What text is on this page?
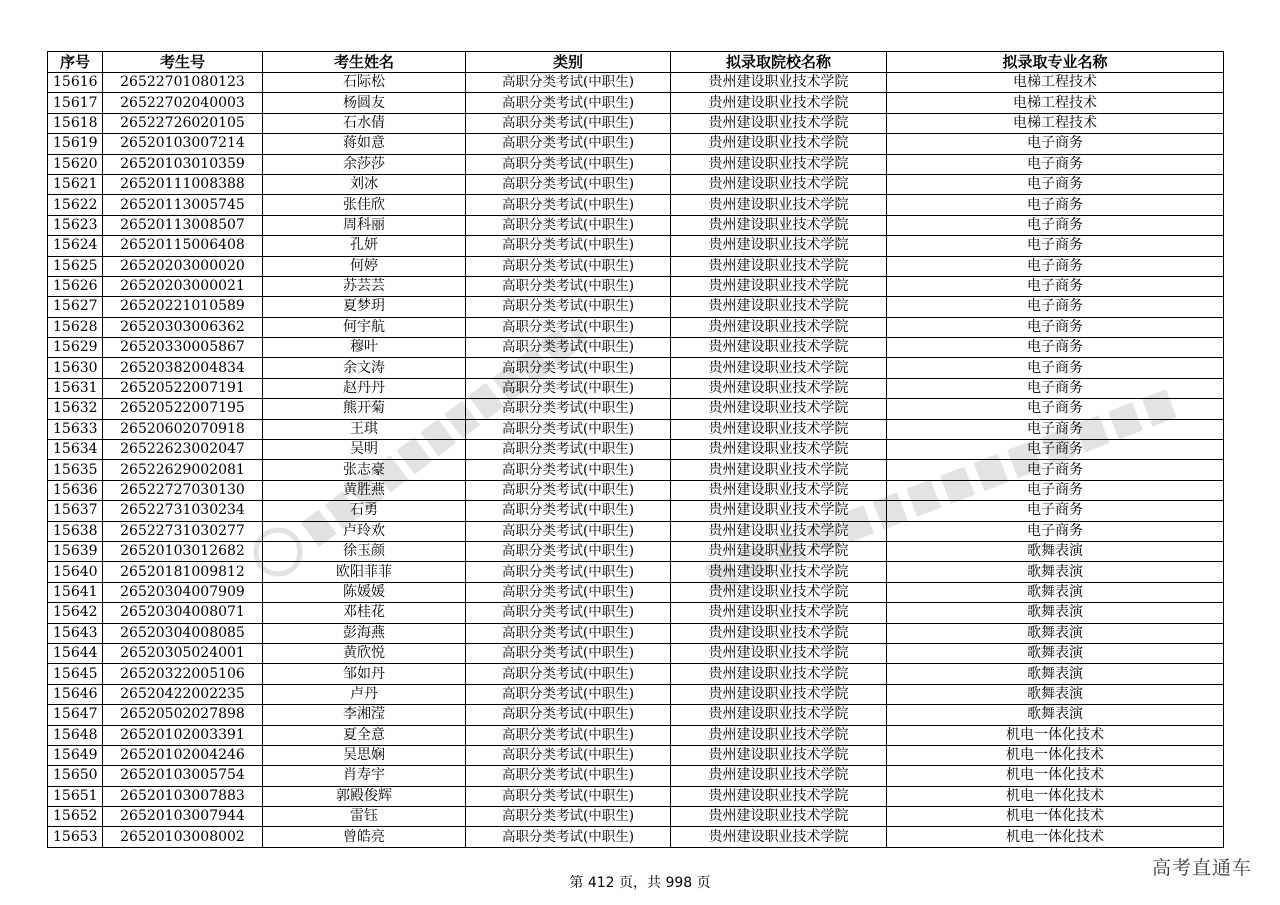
序号	考生号	考生姓名	类别	拟录取院校名称	拟录取专业名称
15616	26522701080123	石际松	高职分类考试(中职生)	贵州建设职业技术学院	电梯工程技术
15617	26522702040003	杨圆友	高职分类考试(中职生)	贵州建设职业技术学院	电梯工程技术
15618	26522726020105	石水倩	高职分类考试(中职生)	贵州建设职业技术学院	电梯工程技术
15619	26520103007214	蒋如意	高职分类考试(中职生)	贵州建设职业技术学院	电子商务
15620	26520103010359	余莎莎	高职分类考试(中职生)	贵州建设职业技术学院	电子商务
15621	26520111008388	刘冰	高职分类考试(中职生)	贵州建设职业技术学院	电子商务
15622	26520113005745	张佳欣	高职分类考试(中职生)	贵州建设职业技术学院	电子商务
15623	26520113008507	周科丽	高职分类考试(中职生)	贵州建设职业技术学院	电子商务
15624	26520115006408	孔妍	高职分类考试(中职生)	贵州建设职业技术学院	电子商务
15625	26520203000020	何婷	高职分类考试(中职生)	贵州建设职业技术学院	电子商务
15626	26520203000021	苏芸芸	高职分类考试(中职生)	贵州建设职业技术学院	电子商务
15627	26520221010589	夏梦玥	高职分类考试(中职生)	贵州建设职业技术学院	电子商务
15628	26520303006362	何宇航	高职分类考试(中职生)	贵州建设职业技术学院	电子商务
15629	26520330005867	穆叶	高职分类考试(中职生)	贵州建设职业技术学院	电子商务
15630	26520382004834	余文涛	高职分类考试(中职生)	贵州建设职业技术学院	电子商务
15631	26520522007191	赵丹丹	高职分类考试(中职生)	贵州建设职业技术学院	电子商务
15632	26520522007195	熊开菊	高职分类考试(中职生)	贵州建设职业技术学院	电子商务
15633	26520602070918	王琪	高职分类考试(中职生)	贵州建设职业技术学院	电子商务
15634	26522623002047	吴明	高职分类考试(中职生)	贵州建设职业技术学院	电子商务
15635	26522629002081	张志豪	高职分类考试(中职生)	贵州建设职业技术学院	电子商务
15636	26522727030130	黄胜燕	高职分类考试(中职生)	贵州建设职业技术学院	电子商务
15637	26522731030234	石勇	高职分类考试(中职生)	贵州建设职业技术学院	电子商务
15638	26522731030277	卢玲欢	高职分类考试(中职生)	贵州建设职业技术学院	电子商务
15639	26520103012682	徐玉颜	高职分类考试(中职生)	贵州建设职业技术学院	歌舞表演
15640	26520181009812	欧阳菲菲	高职分类考试(中职生)	贵州建设职业技术学院	歌舞表演
15641	26520304007909	陈媛媛	高职分类考试(中职生)	贵州建设职业技术学院	歌舞表演
15642	26520304008071	邓桂花	高职分类考试(中职生)	贵州建设职业技术学院	歌舞表演
15643	26520304008085	彭海燕	高职分类考试(中职生)	贵州建设职业技术学院	歌舞表演
15644	26520305024001	黄欣悦	高职分类考试(中职生)	贵州建设职业技术学院	歌舞表演
15645	26520322005106	邹如丹	高职分类考试(中职生)	贵州建设职业技术学院	歌舞表演
15646	26520422002235	卢丹	高职分类考试(中职生)	贵州建设职业技术学院	歌舞表演
15647	26520502027898	李湘滢	高职分类考试(中职生)	贵州建设职业技术学院	歌舞表演
15648	26520102003391	夏全意	高职分类考试(中职生)	贵州建设职业技术学院	机电一体化技术
15649	26520102004246	吴思娴	高职分类考试(中职生)	贵州建设职业技术学院	机电一体化技术
15650	26520103005754	肖寿宇	高职分类考试(中职生)	贵州建设职业技术学院	机电一体化技术
15651	26520103007883	郭殿俊辉	高职分类考试(中职生)	贵州建设职业技术学院	机电一体化技术
15652	26520103007944	雷钰	高职分类考试(中职生)	贵州建设职业技术学院	机电一体化技术
15653	26520103008002	曾皓亮	高职分类考试(中职生)	贵州建设职业技术学院	机电一体化技术
第 412 页，共 998 页
高考直通车
